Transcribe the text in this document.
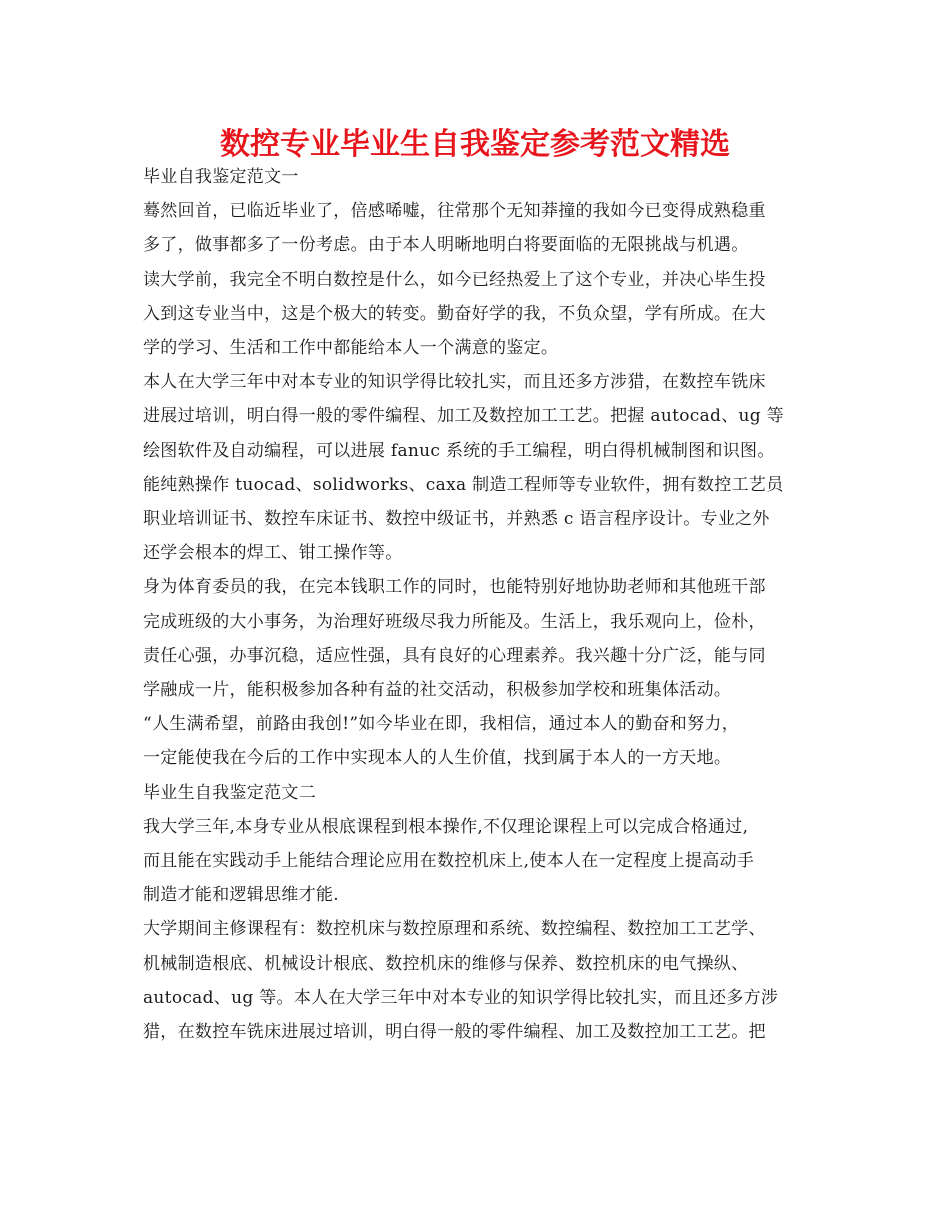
数控专业毕业生自我鉴定参考范文精选
毕业自我鉴定范文一
蓦然回首，已临近毕业了，倍感唏嘘，往常那个无知莽撞的我如今已变得成熟稳重
多了，做事都多了一份考虑。由于本人明晰地明白将要面临的无限挑战与机遇。
读大学前，我完全不明白数控是什么，如今已经热爱上了这个专业，并决心毕生投
入到这专业当中，这是个极大的转变。勤奋好学的我，不负众望，学有所成。在大
学的学习、生活和工作中都能给本人一个满意的鉴定。
本人在大学三年中对本专业的知识学得比较扎实，而且还多方涉猎，在数控车铣床
进展过培训，明白得一般的零件编程、加工及数控加工工艺。把握 autocad、ug 等
绘图软件及自动编程，可以进展 fanuc 系统的手工编程，明白得机械制图和识图。
能纯熟操作 tuocad、solidworks、caxa 制造工程师等专业软件，拥有数控工艺员
职业培训证书、数控车床证书、数控中级证书，并熟悉 c 语言程序设计。专业之外
还学会根本的焊工、钳工操作等。
身为体育委员的我，在完本钱职工作的同时，也能特别好地协助老师和其他班干部
完成班级的大小事务，为治理好班级尽我力所能及。生活上，我乐观向上，俭朴，
责任心强，办事沉稳，适应性强，具有良好的心理素养。我兴趣十分广泛，能与同
学融成一片，能积极参加各种有益的社交活动，积极参加学校和班集体活动。
“人生满希望，前路由我创!”如今毕业在即，我相信，通过本人的勤奋和努力，
一定能使我在今后的工作中实现本人的人生价值，找到属于本人的一方天地。
毕业生自我鉴定范文二
我大学三年,本身专业从根底课程到根本操作,不仅理论课程上可以完成合格通过,
而且能在实践动手上能结合理论应用在数控机床上,使本人在一定程度上提高动手
制造才能和逻辑思维才能.
大学期间主修课程有：数控机床与数控原理和系统、数控编程、数控加工工艺学、
机械制造根底、机械设计根底、数控机床的维修与保养、数控机床的电气操纵、
autocad、ug 等。本人在大学三年中对本专业的知识学得比较扎实，而且还多方涉
猎，在数控车铣床进展过培训，明白得一般的零件编程、加工及数控加工工艺。把
